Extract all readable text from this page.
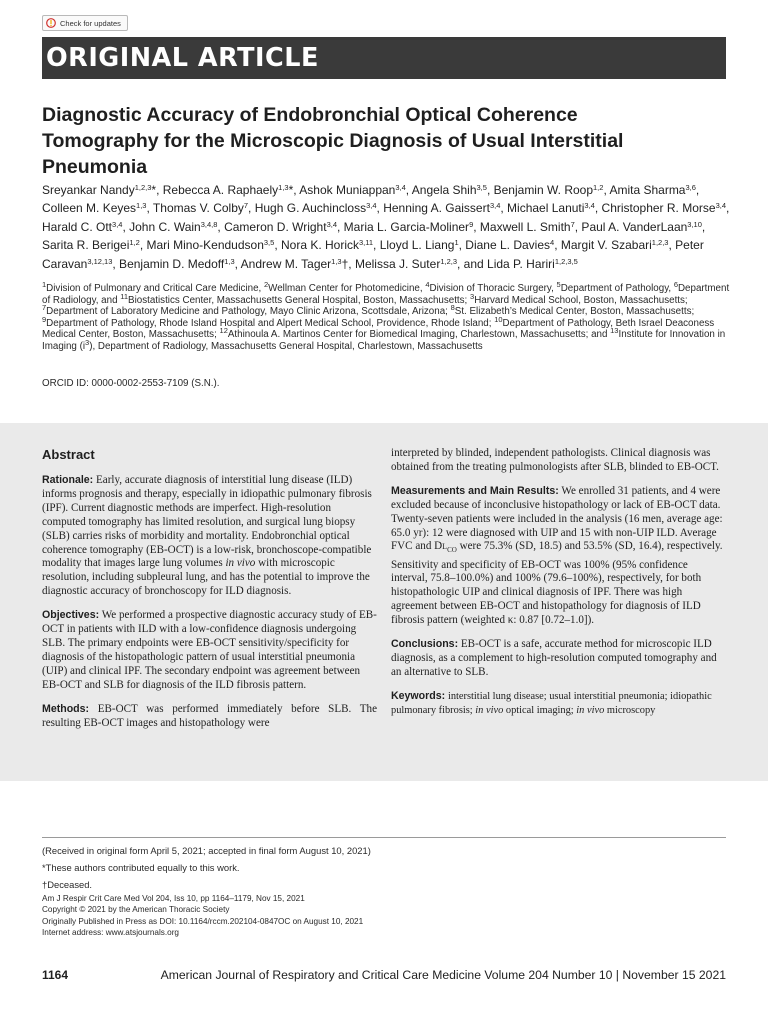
Check for updates
ORIGINAL ARTICLE
Diagnostic Accuracy of Endobronchial Optical Coherence Tomography for the Microscopic Diagnosis of Usual Interstitial Pneumonia

Sreyankar Nandy$^{1,2,3}$*, Rebecca A. Raphaely$^{1,3}$*, Ashok Muniappan$^{3,4}$, Angela Shih$^{3,5}$, Benjamin W. Roop$^{1,2}$, Amita Sharma$^{3,6}$, Colleen M. Keyes$^{1,3}$, Thomas V. Colby$^7$, Hugh G. Auchincloss$^{3,4}$, Henning A. Gaissert$^{3,4}$, Michael Lanuti$^{3,4}$, Christopher R. Morse$^{3,4}$, Harald C. Ott$^{3,4}$, John C. Wain$^{3,4,8}$, Cameron D. Wright$^{3,4}$, Maria L. Garcia-Moliner$^9$, Maxwell L. Smith$^7$, Paul A. VanderLaan$^{3,10}$, Sarita R. Berigei$^{1,2}$, Mari Mino-Kendudson$^{3,5}$, Nora K. Horick$^{3,11}$, Lloyd L. Liang$^1$, Diane L. Davies$^4$, Margit V. Szabari$^{1,2,3}$, Peter Caravan$^{3,12,13}$, Benjamin D. Medoff$^{1,3}$, Andrew M. Tager$^{1,3}$†, Melissa J. Suter$^{1,2,3}$, and Lida P. Hariri$^{1,2,3,5}$

$^1$Division of Pulmonary and Critical Care Medicine, $^2$Wellman Center for Photomedicine, $^4$Division of Thoracic Surgery, $^5$Department of Pathology, $^6$Department of Radiology, and $^{11}$Biostatistics Center, Massachusetts General Hospital, Boston, Massachusetts; $^3$Harvard Medical School, Boston, Massachusetts; $^7$Department of Laboratory Medicine and Pathology, Mayo Clinic Arizona, Scottsdale, Arizona; $^8$St. Elizabeth’s Medical Center, Boston, Massachusetts; $^9$Department of Pathology, Rhode Island Hospital and Alpert Medical School, Providence, Rhode Island; $^{10}$Department of Pathology, Beth Israel Deaconess Medical Center, Boston, Massachusetts; $^{12}$Athinoula A. Martinos Center for Biomedical Imaging, Charlestown, Massachusetts; and $^{13}$Institute for Innovation in Imaging $(i^3)$, Department of Radiology, Massachusetts General Hospital, Charlestown, Massachusetts

ORCID ID: 0000-0002-2553-7109 (S.N.).

Abstract

Rationale: Early, accurate diagnosis of interstitial lung disease (ILD) informs prognosis and therapy, especially in idiopathic pulmonary fibrosis (IPF). Current diagnostic methods are imperfect. High-resolution computed tomography has limited resolution, and surgical lung biopsy (SLB) carries risks of morbidity and mortality. Endobronchial optical coherence tomography (EB-OCT) is a low-risk, bronchoscope-compatible modality that images large lung volumes in vivo with microscopic resolution, including subpleural lung, and has the potential to improve the diagnostic accuracy of bronchoscopy for ILD diagnosis.

Objectives: We performed a prospective diagnostic accuracy study of EB-OCT in patients with ILD with a low-confidence diagnosis undergoing SLB. The primary endpoints were EB-OCT sensitivity/specificity for diagnosis of the histopathologic pattern of usual interstitial pneumonia (UIP) and clinical IPF. The secondary endpoint was agreement between EB-OCT and SLB for diagnosis of the ILD fibrosis pattern.

Methods: EB-OCT was performed immediately before SLB. The resulting EB-OCT images and histopathology were

interpreted by blinded, independent pathologists. Clinical diagnosis was obtained from the treating pulmonologists after SLB, blinded to EB-OCT.

Measurements and Main Results: We enrolled 31 patients, and 4 were excluded because of inconclusive histopathology or lack of EB-OCT data. Twenty-seven patients were included in the analysis (16 men, average age: 65.0 yr): 12 were diagnosed with UIP and 15 with non-UIP ILD. Average FVC and $Dl_{CO}$ were 75.3% (SD, 18.5) and 53.5% (SD, 16.4), respectively. Sensitivity and specificity of EB-OCT was 100% (95% confidence interval, 75.8–100.0%) and 100% (79.6–100%), respectively, for both histopathologic UIP and clinical diagnosis of IPF. There was high agreement between EB-OCT and histopathology for diagnosis of ILD fibrosis pattern (weighted κ: 0.87 [0.72–1.0]).

Conclusions: EB-OCT is a safe, accurate method for microscopic ILD diagnosis, as a complement to high-resolution computed tomography and an alternative to SLB.

Keywords: interstitial lung disease; usual interstitial pneumonia; idiopathic pulmonary fibrosis; in vivo optical imaging; in vivo microscopy

(Received in original form April 5, 2021; accepted in final form August 10, 2021)

*These authors contributed equally to this work.

†Deceased.

Am J Respir Crit Care Med Vol 204, Iss 10, pp 1164–1179, Nov 15, 2021
Copyright © 2021 by the American Thoracic Society
Originally Published in Press as DOI: 10.1164/rccm.202104-0847OC on August 10, 2021
Internet address: www.atsjournals.org

1164	American Journal of Respiratory and Critical Care Medicine Volume 204 Number 10 | November 15 2021
